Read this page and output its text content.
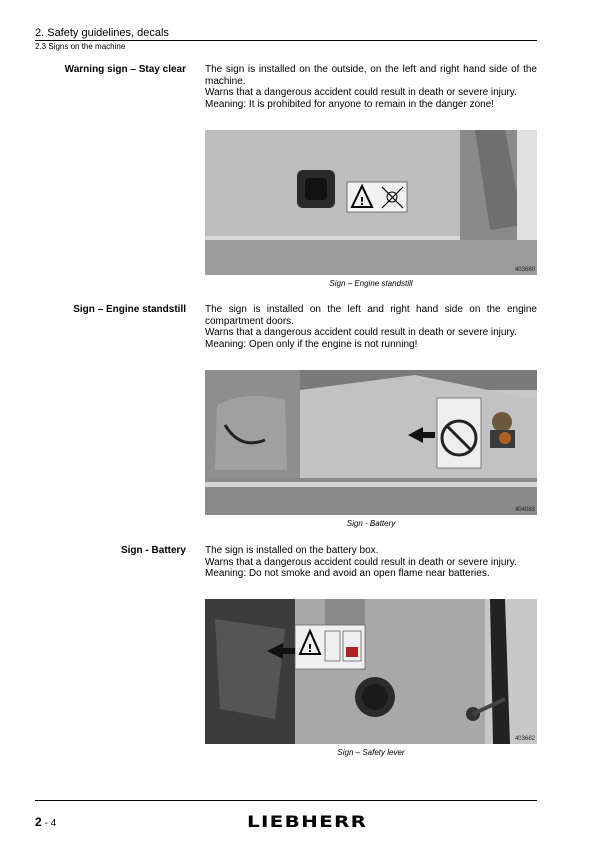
2. Safety guidelines, decals
2.3 Signs on the machine
Warning sign – Stay clear The sign is installed on the outside, on the left and right hand side of the machine.

Warns that a dangerous accident could result in death or severe injury.

Meaning: It is prohibited for anyone to remain in the danger zone!

!
403680
Sign – Engine standstill
Sign – Engine standstill The sign is installed on the left and right hand side on the engine compartment doors.

Warns that a dangerous accident could result in death or severe injury.

Meaning: Open only if the engine is not running!

404083
Sign - Battery
Sign - Battery The sign is installed on the battery box.

Warns that a dangerous accident could result in death or severe injury.

Meaning: Do not smoke and avoid an open flame near batteries.

!
403682
Sign – Safety lever
2 - 4	LIEBHERR
